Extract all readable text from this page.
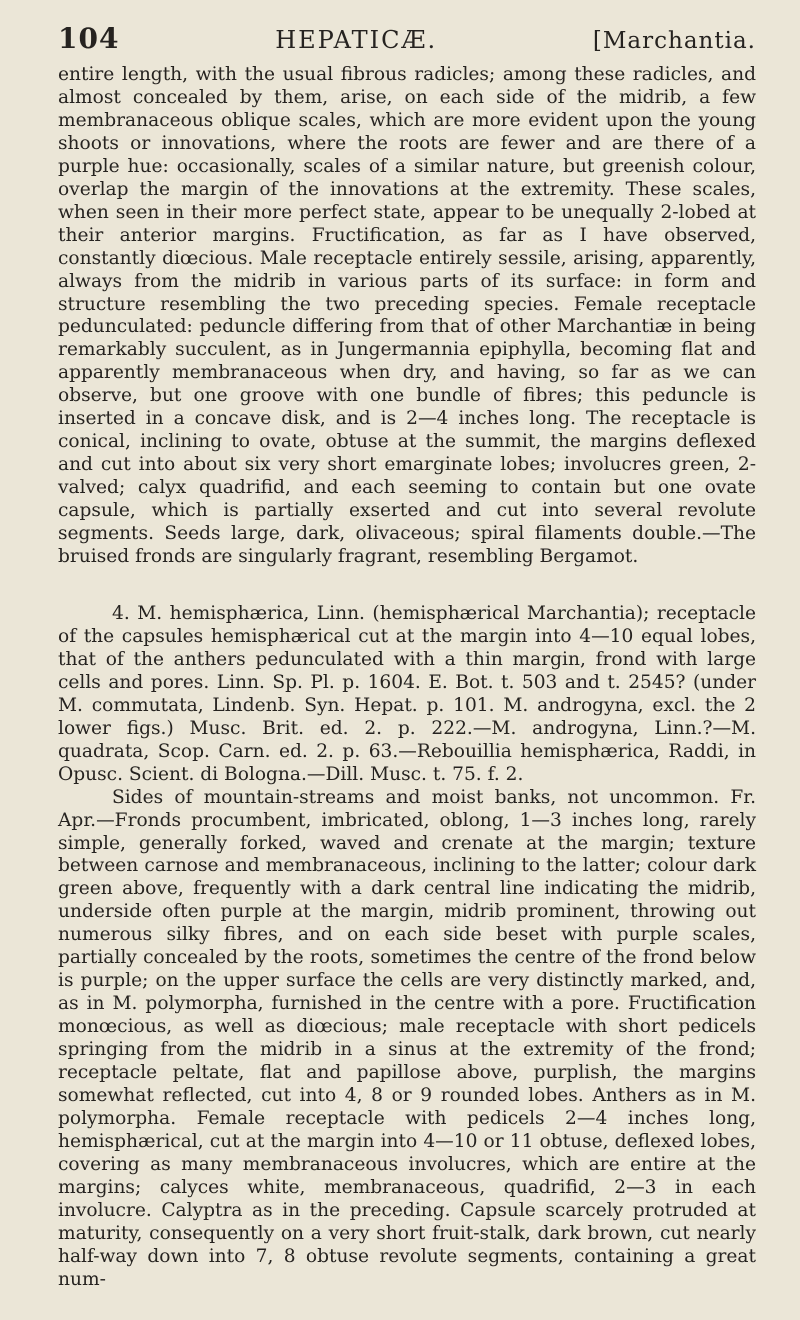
104	HEPATICÆ.	[Marchantia.

entire length, with the usual fibrous radicles; among these radicles, and almost concealed by them, arise, on each side of the midrib, a few membranaceous oblique scales, which are more evident upon the young shoots or innovations, where the roots are fewer and are there of a purple hue: occasionally, scales of a similar nature, but greenish colour, overlap the margin of the innovations at the extremity. These scales, when seen in their more perfect state, appear to be unequally 2-lobed at their anterior margins. Fructification, as far as I have observed, constantly diœcious. Male receptacle entirely sessile, arising, apparently, always from the midrib in various parts of its surface: in form and structure resembling the two preceding species. Female receptacle pedunculated: peduncle differing from that of other Marchantiæ in being remarkably succulent, as in Jungermannia epiphylla, becoming flat and apparently membranaceous when dry, and having, so far as we can observe, but one groove with one bundle of fibres; this peduncle is inserted in a concave disk, and is 2—4 inches long. The receptacle is conical, inclining to ovate, obtuse at the summit, the margins deflexed and cut into about six very short emarginate lobes; involucres green, 2-valved; calyx quadrifid, and each seeming to contain but one ovate capsule, which is partially exserted and cut into several revolute segments. Seeds large, dark, olivaceous; spiral filaments double.—The bruised fronds are singularly fragrant, resembling Bergamot.

4. M. hemisphærica, Linn. (hemisphærical Marchantia); receptacle of the capsules hemisphærical cut at the margin into 4—10 equal lobes, that of the anthers pedunculated with a thin margin, frond with large cells and pores. Linn. Sp. Pl. p. 1604. E. Bot. t. 503 and t. 2545? (under M. commutata, Lindenb. Syn. Hepat. p. 101. M. androgyna, excl. the 2 lower figs.) Musc. Brit. ed. 2. p. 222.—M. androgyna, Linn.?—M. quadrata, Scop. Carn. ed. 2. p. 63.—Rebouillia hemisphærica, Raddi, in Opusc. Scient. di Bologna.—Dill. Musc. t. 75. f. 2.

Sides of mountain-streams and moist banks, not uncommon. Fr. Apr.—Fronds procumbent, imbricated, oblong, 1—3 inches long, rarely simple, generally forked, waved and crenate at the margin; texture between carnose and membranaceous, inclining to the latter; colour dark green above, frequently with a dark central line indicating the midrib, underside often purple at the margin, midrib prominent, throwing out numerous silky fibres, and on each side beset with purple scales, partially concealed by the roots, sometimes the centre of the frond below is purple; on the upper surface the cells are very distinctly marked, and, as in M. polymorpha, furnished in the centre with a pore. Fructification monœcious, as well as diœcious; male receptacle with short pedicels springing from the midrib in a sinus at the extremity of the frond; receptacle peltate, flat and papillose above, purplish, the margins somewhat reflected, cut into 4, 8 or 9 rounded lobes. Anthers as in M. polymorpha. Female receptacle with pedicels 2—4 inches long, hemisphærical, cut at the margin into 4—10 or 11 obtuse, deflexed lobes, covering as many membranaceous involucres, which are entire at the margins; calyces white, membranaceous, quadrifid, 2—3 in each involucre. Calyptra as in the preceding. Capsule scarcely protruded at maturity, consequently on a very short fruit-stalk, dark brown, cut nearly half-way down into 7, 8 obtuse revolute segments, containing a great num-
